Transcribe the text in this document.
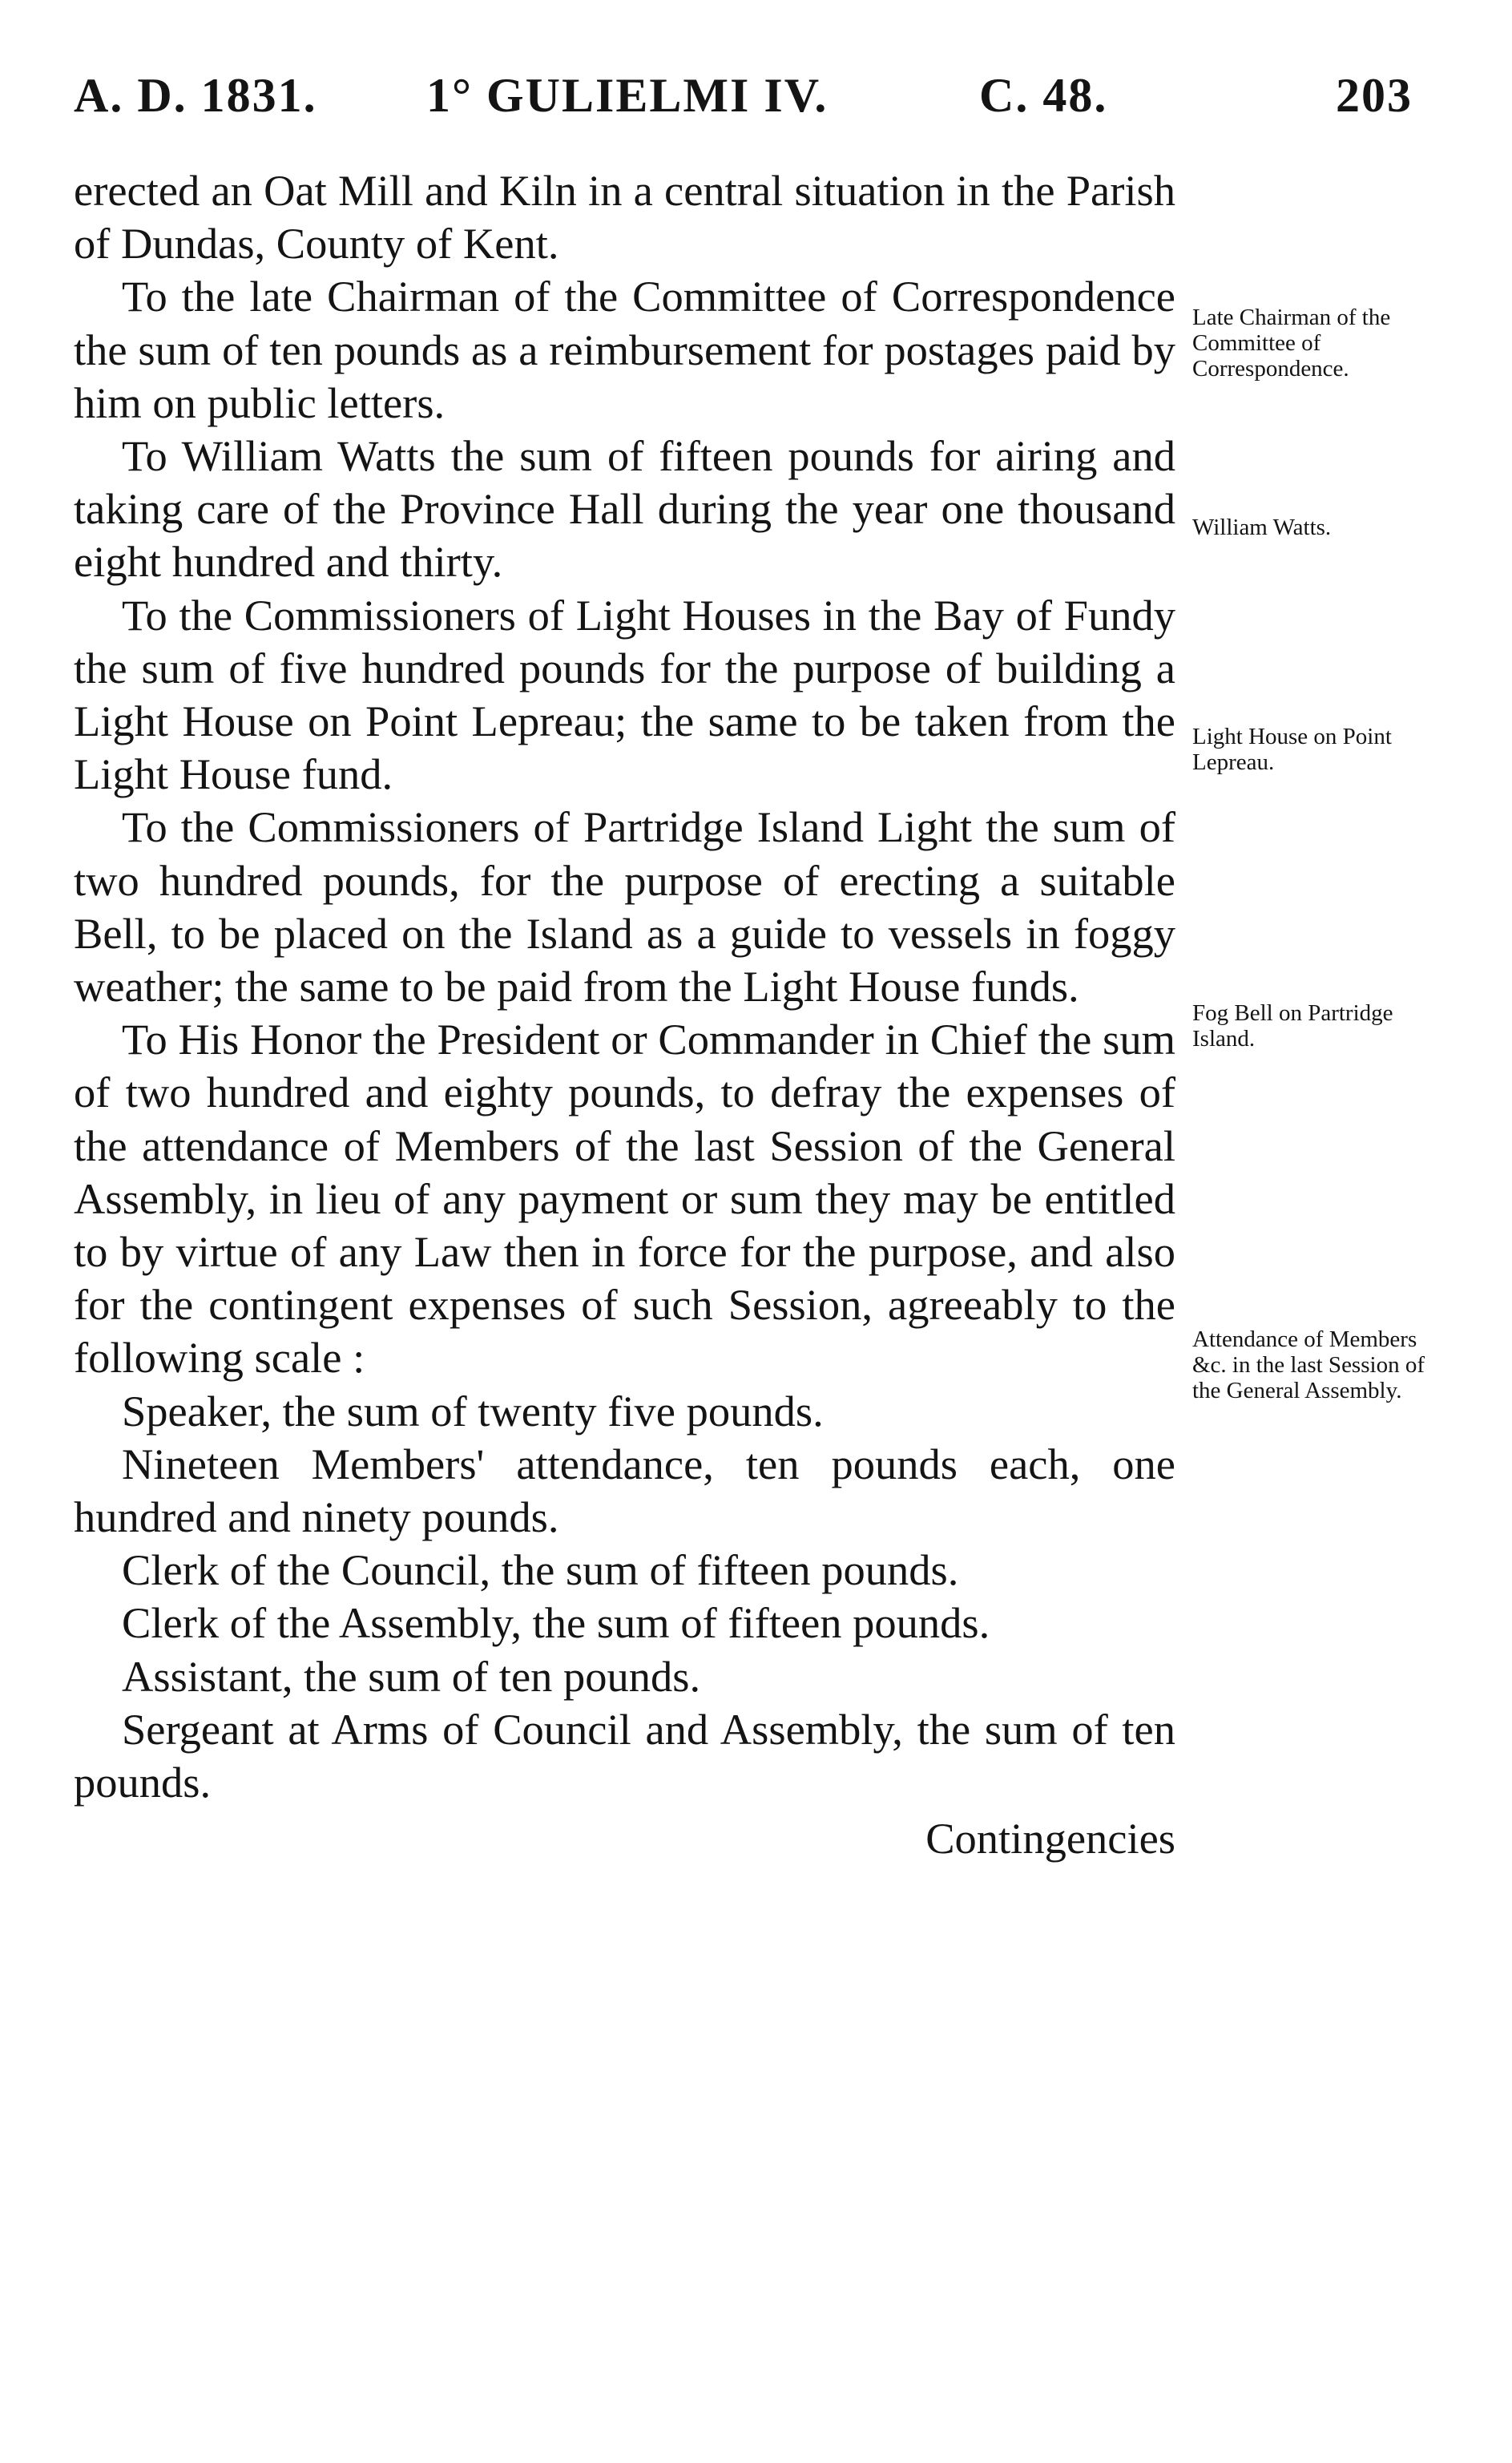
A. D. 1831. 1° GULIELMI IV.	C. 48.	203

erected an Oat Mill and Kiln in a central situation in the Parish of Dundas, County of Kent.

To the late Chairman of the Committee of Correspondence the sum of ten pounds as a reimbursement for postages paid by him on public letters.

To William Watts the sum of fifteen pounds for airing and taking care of the Province Hall during the year one thousand eight hundred and thirty.

To the Commissioners of Light Houses in the Bay of Fundy the sum of five hundred pounds for the purpose of building a Light House on Point Lepreau; the same to be taken from the Light House fund.

To the Commissioners of Partridge Island Light the sum of two hundred pounds, for the purpose of erecting a suitable Bell, to be placed on the Island as a guide to vessels in foggy weather; the same to be paid from the Light House funds.

To His Honor the President or Commander in Chief the sum of two hundred and eighty pounds, to defray the expenses of the attendance of Members of the last Session of the General Assembly, in lieu of any payment or sum they may be entitled to by virtue of any Law then in force for the purpose, and also for the contingent expenses of such Session, agreeably to the following scale :

Speaker, the sum of twenty five pounds.

Nineteen Members' attendance, ten pounds each, one hundred and ninety pounds.

Clerk of the Council, the sum of fifteen pounds.

Clerk of the Assembly, the sum of fifteen pounds.

Assistant, the sum of ten pounds.

Sergeant at Arms of Council and Assembly, the sum of ten pounds.

Contingencies

Late Chairman of the Committee of Correspondence.
William Watts.
Light House on Point Lepreau.
Fog Bell on Partridge Island.
Attendance of Members &c. in the last Session of the General Assembly.
